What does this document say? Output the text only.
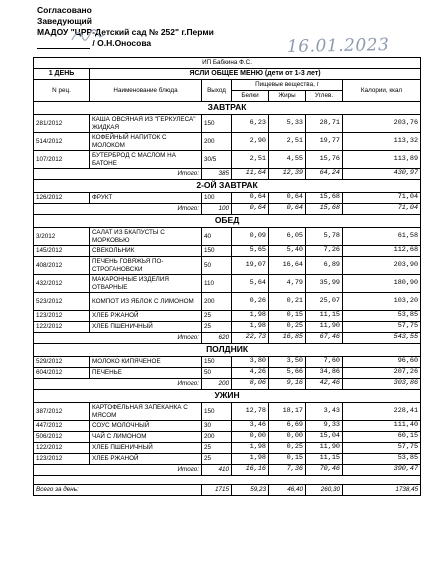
Согласовано
Заведующий
МАДОУ "ЦРР-Детский сад № 252" г.Перми
/ О.Н.Оносова	16.01.2023
ИП Бабкина Ф.С.						
1 ДЕНЬ	ЯСЛИ ОБЩЕЕ МЕНЮ (дети от 1-3 лет)					
N рец.	Наименование блюда	Выход	Пищевые вещества, г			Калории, ккал
			Белки	Жиры	Углев.	
ЗАВТРАК						
281/2012	КАША ОВСЯНАЯ ИЗ "ГЕРКУЛЕСА" ЖИДКАЯ	150	6,23	5,33	28,71	203,76
514/2012	КОФЕЙНЫЙ НАПИТОК С МОЛОКОМ	200	2,90	2,51	19,77	113,32
107/2012	БУТЕРБРОД С МАСЛОМ НА БАТОНЕ	30/5	2,51	4,55	15,76	113,89
Итого:		385	11,64	12,39	64,24	430,97
2-ОЙ ЗАВТРАК						
126/2012	ФРУКТ	100	0,64	0,64	15,68	71,04
Итого:		100	0,64	0,64	15,68	71,04
ОБЕД						
3/2012	САЛАТ ИЗ БКАПУСТЫ С МОРКОВЬЮ	40	0,09	6,05	5,78	61,58
145/2012	СВЕКОЛЬНИК	150	5,65	5,40	7,26	112,68
408/2012	ПЕЧЕНЬ ГОВЯЖЬЯ ПО-СТРОГАНОВСКИ	50	19,07	16,64	6,89	203,90
432/2012	МАКАРОННЫЕ ИЗДЕЛИЯ ОТВАРНЫЕ	110	5,64	4,79	35,99	180,90
523/2012	КОМПОТ ИЗ ЯБЛОК С ЛИМОНОМ	200	0,26	0,21	25,07	103,20
123/2012	ХЛЕБ РЖАНОЙ	25	1,98	0,15	11,15	53,85
122/2012	ХЛЕБ ПШЕНИЧНЫЙ	25	1,98	0,25	11,90	57,75
Итого:		620	22,73	16,85	67,46	543,55
ПОЛДНИК						
529/2012	МОЛОКО КИПЯЧЕНОЕ	150	3,80	3,50	7,60	96,60
604/2012	ПЕЧЕНЬЕ	50	4,26	5,66	34,86	207,26
Итого:		200	8,06	9,16	42,46	303,86
УЖИН						
387/2012	КАРТОФЕЛЬНАЯ ЗАПЕКАНКА С МЯСОМ	150	12,78	18,17	3,43	228,41
447/2012	СОУС МОЛОЧНЫЙ	30	3,46	6,69	9,33	111,40
506/2012	ЧАЙ С ЛИМОНОМ	200	0,00	0,00	15,04	60,15
122/2012	ХЛЕБ ПШЕНИЧНЫЙ	25	1,98	0,25	11,90	57,75
123/2012	ХЛЕБ РЖАНОЙ	25	1,98	0,15	11,15	53,85
Итого:		410	16,16	7,36	70,46	390,47

Всего за день:		1715	59,23	46,40	260,30	1738,45
